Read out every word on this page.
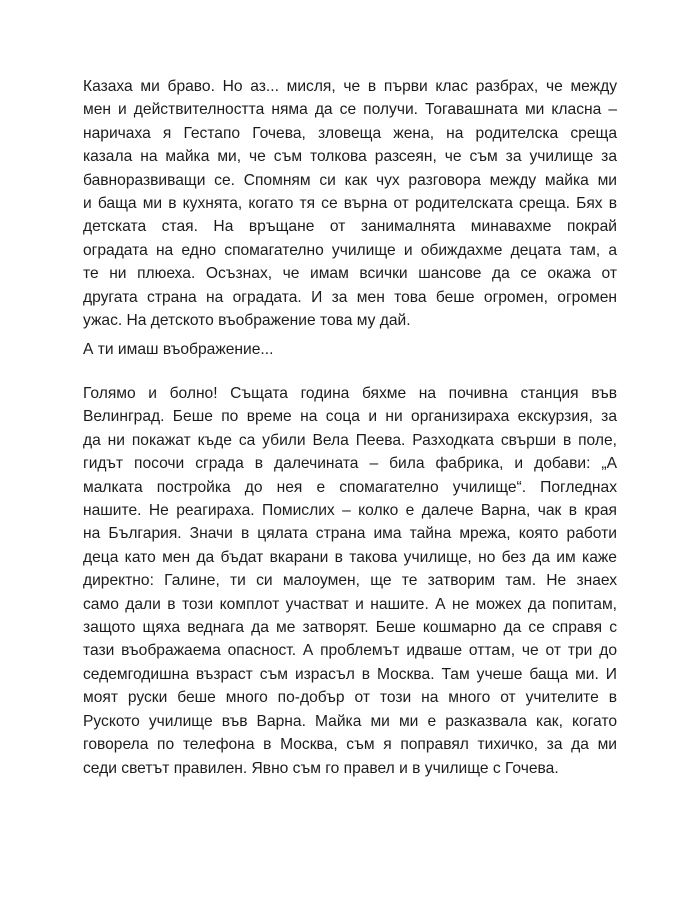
Казаха ми браво. Но аз... мисля, че в първи клас разбрах, че между
мен и действителността няма да се получи. Тогавашната ми класна –
наричаха я Гестапо Гочева, зловеща жена, на родителска среща
казала на майка ми, че съм толкова разсеян, че съм за училище за
бавноразвиващи се. Спомням си как чух разговора между майка ми
и баща ми в кухнята, когато тя се върна от родителската среща. Бях в
детската стая. На връщане от занималнята минавахме покрай
оградата на едно спомагателно училище и обиждахме децата там, а
те ни плюеха. Осъзнах, че имам всички шансове да се окажа от
другата страна на оградата. И за мен това беше огромен, огромен
ужас. На детското въображение това му дай.
А ти имаш въображение...
Голямо и болно! Същата година бяхме на почивна станция във
Велинград. Беше по време на соца и ни организираха екскурзия, за
да ни покажат къде са убили Вела Пеева. Разходката свърши в поле,
гидът посочи сграда в далечината – била фабрика, и добави: „А
малката постройка до нея е спомагателно училище“. Погледнах
нашите. Не реагираха. Помислих – колко е далече Варна, чак в края
на България. Значи в цялата страна има тайна мрежа, която работи
деца като мен да бъдат вкарани в такова училище, но без да им каже
директно: Галине, ти си малоумен, ще те затворим там. Не знаех
само дали в този комплот участват и нашите. А не можех да попитам,
защото щяха веднага да ме затворят. Беше кошмарно да се справя с
тази въображаема опасност. А проблемът идваше оттам, че от три до
седемгодишна възраст съм израсъл в Москва. Там учеше баща ми. И
моят руски беше много по-добър от този на много от учителите в
Руското училище във Варна. Майка ми ми е разказвала как, когато
говорела по телефона в Москва, съм я поправял тихичко, за да ми
седи светът правилен. Явно съм го правел и в училище с Гочева.
